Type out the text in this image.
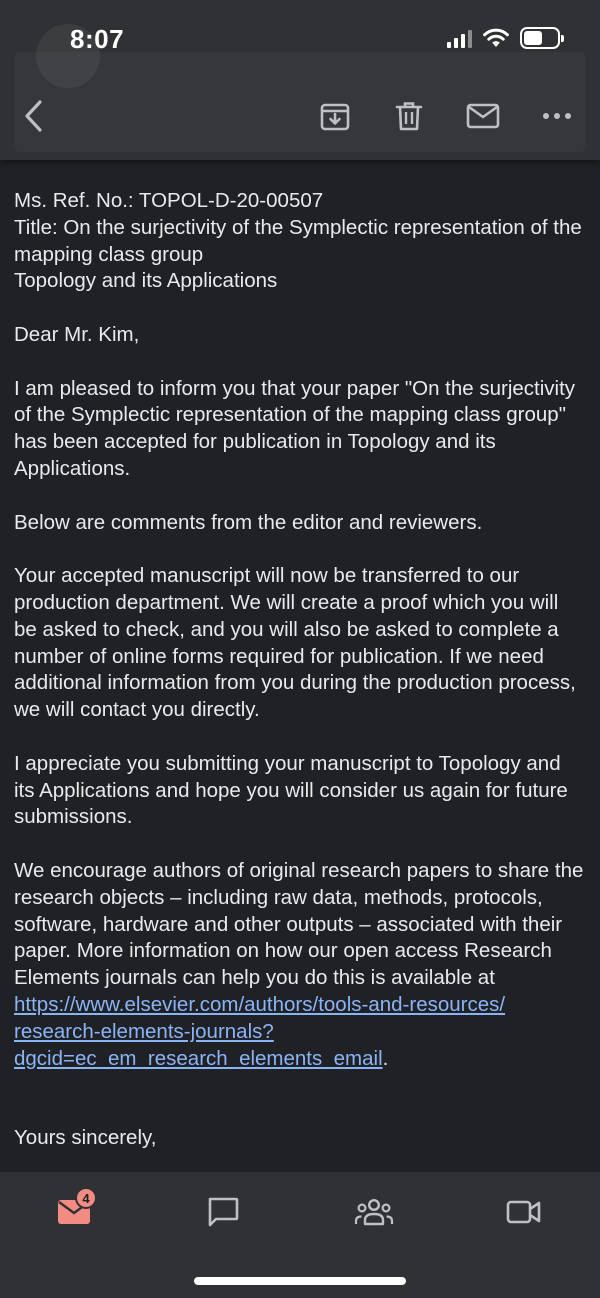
8:07

Ms. Ref. No.: TOPOL-D-20-00507
Title: On the surjectivity of the Symplectic representation of the mapping class group
Topology and its Applications

Dear Mr. Kim,

I am pleased to inform you that your paper "On the surjectivity of the Symplectic representation of the mapping class group" has been accepted for publication in Topology and its Applications.

Below are comments from the editor and reviewers.

Your accepted manuscript will now be transferred to our production department. We will create a proof which you will be asked to check, and you will also be asked to complete a number of online forms required for publication. If we need additional information from you during the production process, we will contact you directly.

I appreciate you submitting your manuscript to Topology and its Applications and hope you will consider us again for future submissions.

We encourage authors of original research papers to share the research objects – including raw data, methods, protocols, software, hardware and other outputs – associated with their paper. More information on how our open access Research Elements journals can help you do this is available at https://www.elsevier.com/authors/tools-and-resources/
research-elements-journals?
dgcid=ec_em_research_elements_email.

Yours sincerely,

4
